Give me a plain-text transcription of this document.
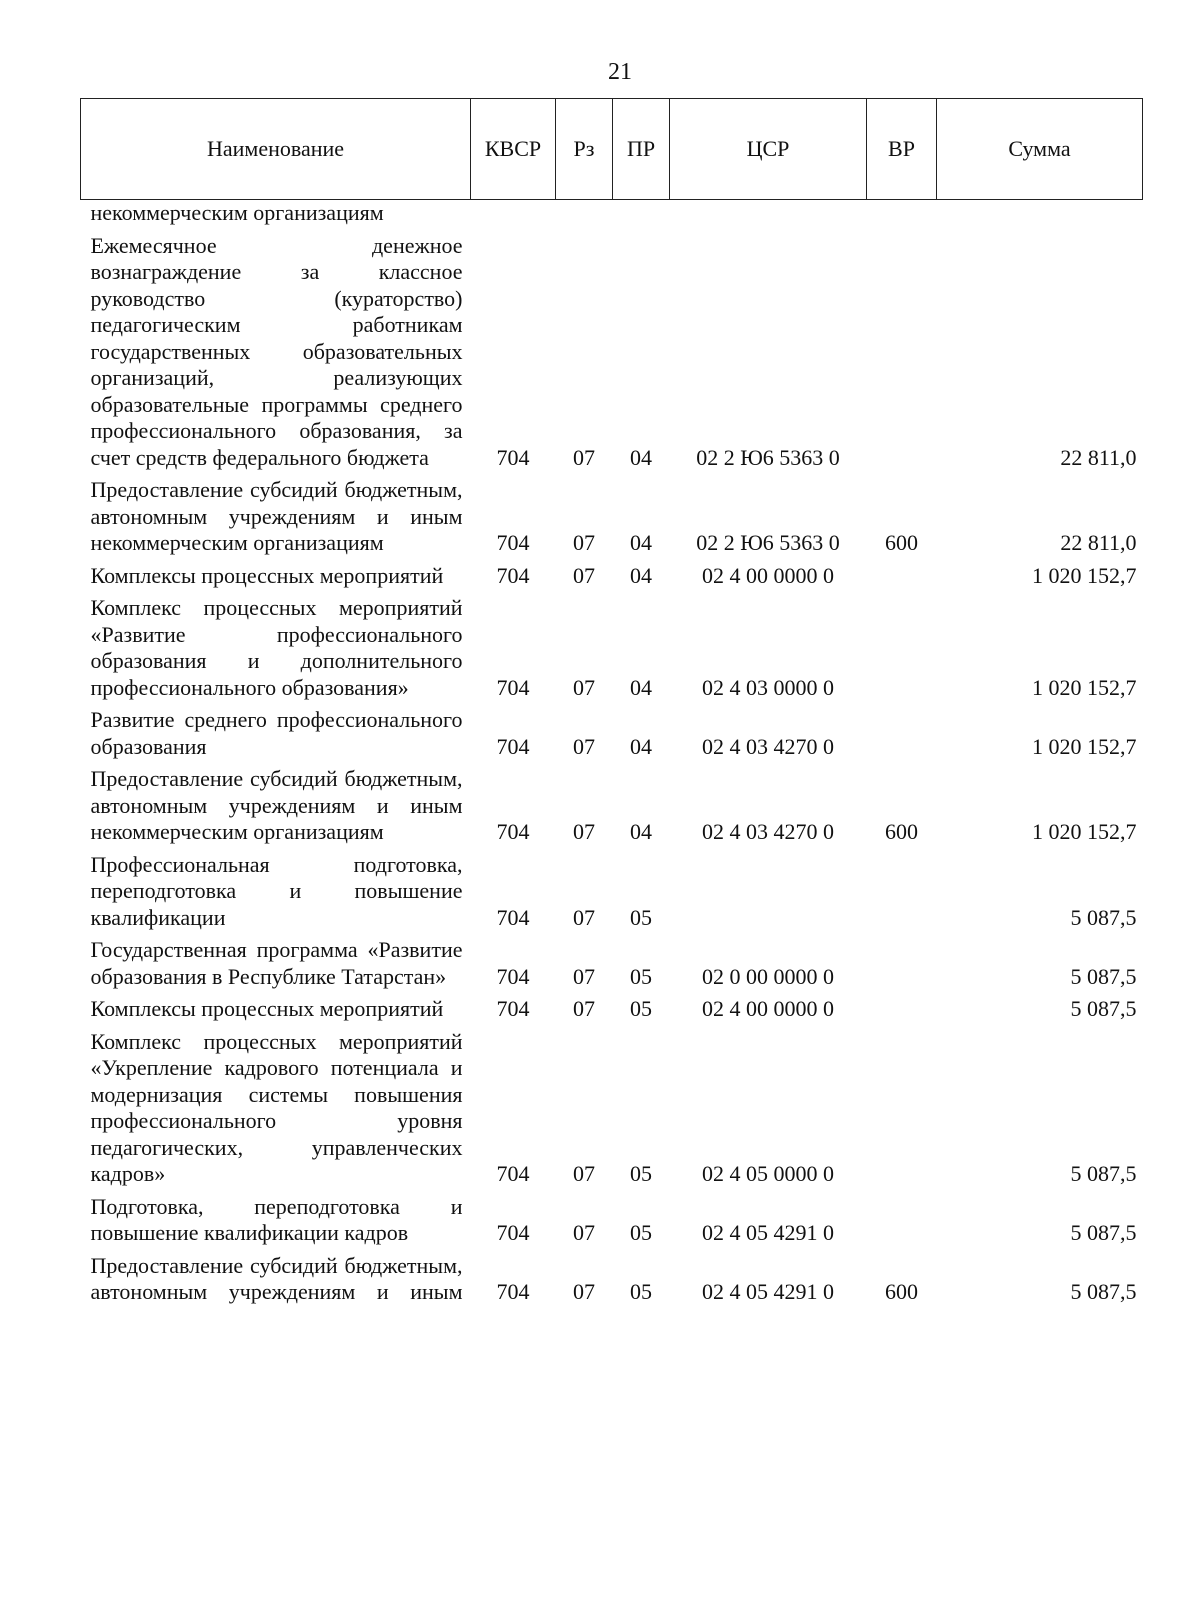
21
Наименование	КВСР	Рз	ПР	ЦСР	ВР	Сумма
некоммерческим организациям						
Ежемесячное денежное вознаграждение за классное руководство (кураторство) педагогическим работникам государственных образовательных организаций, реализующих образовательные программы среднего профессионального образования, за счет средств федерального бюджета	704	07	04	02 2 Ю6 5363 0		22 811,0
Предоставление субсидий бюджетным, автономным учреждениям и иным некоммерческим организациям	704	07	04	02 2 Ю6 5363 0	600	22 811,0
Комплексы процессных мероприятий	704	07	04	02 4 00 0000 0		1 020 152,7
Комплекс процессных мероприятий «Развитие профессионального образования и дополнительного профессионального образования»	704	07	04	02 4 03 0000 0		1 020 152,7
Развитие среднего профессионального образования	704	07	04	02 4 03 4270 0		1 020 152,7
Предоставление субсидий бюджетным, автономным учреждениям и иным некоммерческим организациям	704	07	04	02 4 03 4270 0	600	1 020 152,7
Профессиональная подготовка, переподготовка и повышение квалификации	704	07	05			5 087,5
Государственная программа «Развитие образования в Республике Татарстан»	704	07	05	02 0 00 0000 0		5 087,5
Комплексы процессных мероприятий	704	07	05	02 4 00 0000 0		5 087,5
Комплекс процессных мероприятий «Укрепление кадрового потенциала и модернизация системы повышения профессионального уровня педагогических, управленческих кадров»	704	07	05	02 4 05 0000 0		5 087,5
Подготовка, переподготовка и повышение квалификации кадров	704	07	05	02 4 05 4291 0		5 087,5
Предоставление субсидий бюджетным, автономным учреждениям и иным	704	07	05	02 4 05 4291 0	600	5 087,5
